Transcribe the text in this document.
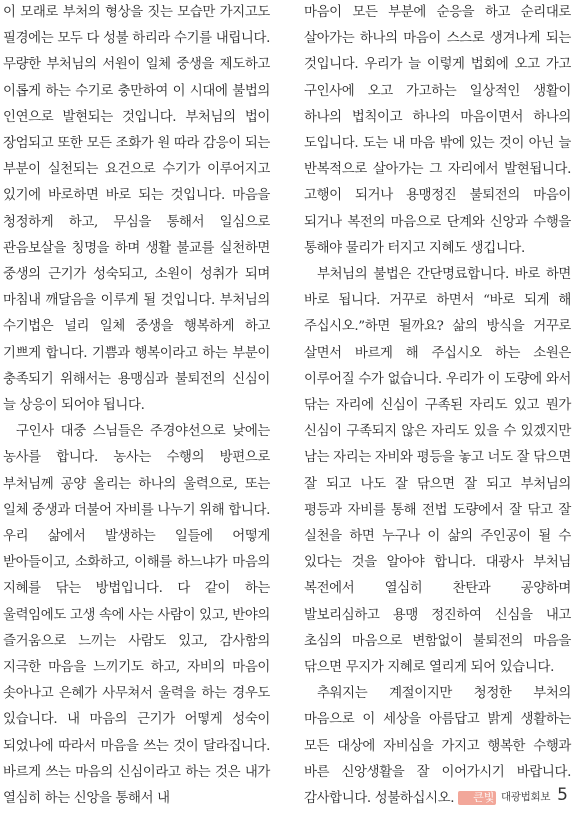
이 모래로 부처의 형상을 짓는 모습만 가지고도 필경에는 모두 다 성불 하리라 수기를 내립니다. 무량한 부처님의 서원이 일체 중생을 제도하고 이롭게 하는 수기로 충만하여 이 시대에 불법의 인연으로 발현되는 것입니다. 부처님의 법이 장엄되고 또한 모든 조화가 원 따라 감응이 되는 부분이 실천되는 요건으로 수기가 이루어지고 있기에 바로하면 바로 되는 것입니다. 마음을 청정하게 하고, 무심을 통해서 일심으로 관음보살을 칭명을 하며 생활 불교를 실천하면 중생의 근기가 성숙되고, 소원이 성취가 되며 마침내 깨달음을 이루게 될 것입니다. 부처님의 수기법은 널리 일체 중생을 행복하게 하고 기쁘게 합니다. 기쁨과 행복이라고 하는 부분이 충족되기 위해서는 용맹심과 불퇴전의 신심이 늘 상응이 되어야 됩니다.

구인사 대중 스님들은 주경야선으로 낮에는 농사를 합니다. 농사는 수행의 방편으로 부처님께 공양 올리는 하나의 울력으로, 또는 일체 중생과 더불어 자비를 나누기 위해 합니다. 우리 삶에서 발생하는 일들에 어떻게 받아들이고, 소화하고, 이해를 하느냐가 마음의 지혜를 닦는 방법입니다. 다 같이 하는 울력임에도 고생 속에 사는 사람이 있고, 반야의 즐거움으로 느끼는 사람도 있고, 감사함의 지극한 마음을 느끼기도 하고, 자비의 마음이 솟아나고 은혜가 사무쳐서 울력을 하는 경우도 있습니다. 내 마음의 근기가 어떻게 성숙이 되었나에 따라서 마음을 쓰는 것이 달라집니다. 바르게 쓰는 마음의 신심이라고 하는 것은 내가 열심히 하는 신앙을 통해서 내

마음이 모든 부분에 순응을 하고 순리대로 살아가는 하나의 마음이 스스로 생겨나게 되는 것입니다. 우리가 늘 이렇게 법회에 오고 가고 구인사에 오고 가고하는 일상적인 생활이 하나의 법칙이고 하나의 마음이면서 하나의 도입니다. 도는 내 마음 밖에 있는 것이 아닌 늘 반복적으로 살아가는 그 자리에서 발현됩니다. 고행이 되거나 용맹정진 불퇴전의 마음이 되거나 복전의 마음으로 단계와 신앙과 수행을 통해야 물리가 터지고 지혜도 생깁니다.

부처님의 불법은 간단명료합니다. 바로 하면 바로 됩니다. 거꾸로 하면서 “바로 되게 해 주십시오.”하면 될까요? 삶의 방식을 거꾸로 살면서 바르게 해 주십시오 하는 소원은 이루어질 수가 없습니다. 우리가 이 도량에 와서 닦는 자리에 신심이 구족된 자리도 있고 뭔가 신심이 구족되지 않은 자리도 있을 수 있겠지만 남는 자리는 자비와 평등을 놓고 너도 잘 닦으면 잘 되고 나도 잘 닦으면 잘 되고 부처님의 평등과 자비를 통해 전법 도량에서 잘 닦고 잘 실천을 하면 누구나 이 삶의 주인공이 될 수 있다는 것을 알아야 합니다. 대광사 부처님 복전에서 열심히 찬탄과 공양하며 발보리심하고 용맹 정진하여 신심을 내고 초심의 마음으로 변함없이 불퇴전의 마음을 닦으면 무지가 지혜로 열리게 되어 있습니다.

추워지는 계절이지만 청정한 부처의 마음으로 이 세상을 아름답고 밝게 생활하는 모든 대상에 자비심을 가지고 행복한 수행과 바른 신앙생활을 잘 이어가시기 바랍니다. 감사합니다. 성불하십시오. 큰빛 대광법회보 5
